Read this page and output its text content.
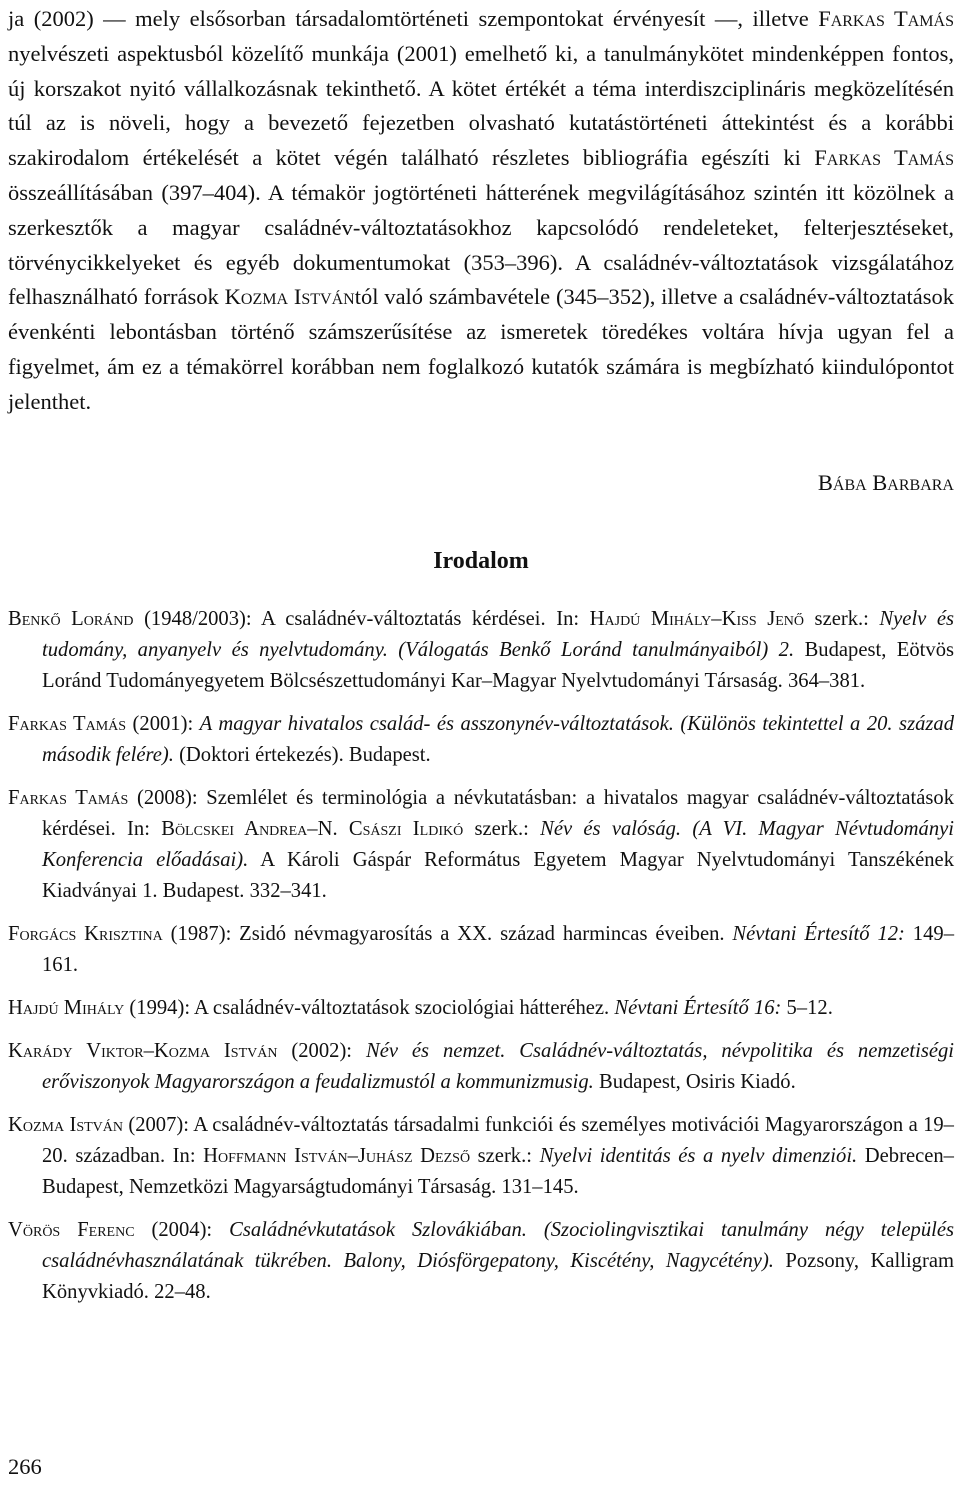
ja (2002) — mely elsősorban társadalomtörténeti szempontokat érvényesít —, illetve Farkas Tamás nyelvészeti aspektusból közelítő munkája (2001) emelhető ki, a tanulmánykötet mindenképpen fontos, új korszakot nyitó vállalkozásnak tekinthető. A kötet értékét a téma interdiszciplináris megközelítésén túl az is növeli, hogy a bevezető fejezetben olvasható kutatástörténeti áttekintést és a korábbi szakirodalom értékelését a kötet végén található részletes bibliográfia egészíti ki Farkas Tamás összeállításában (397–404). A témakör jogtörténeti hátterének megvilágításához szintén itt közölnek a szerkesztők a magyar családnév-változtatásokhoz kapcsolódó rendeleteket, felterjesztéseket, törvénycikkelyeket és egyéb dokumentumokat (353–396). A családnév-változtatások vizsgálatához felhasználható források Kozma Istvántól való számbavétele (345–352), illetve a családnév-változtatások évenkénti lebontásban történő számszerűsítése az ismeretek töredékes voltára hívja ugyan fel a figyelmet, ám ez a témakörrel korábban nem foglalkozó kutatók számára is megbízható kiindulópontot jelenthet.

Bába Barbara

Irodalom
Benkő Loránd (1948/2003): A családnév-változtatás kérdései. In: Hajdú Mihály–Kiss Jenő szerk.: Nyelv és tudomány, anyanyelv és nyelvtudomány. (Válogatás Benkő Loránd tanulmányaiból) 2. Budapest, Eötvös Loránd Tudományegyetem Bölcsészettudományi Kar–Magyar Nyelvtudományi Társaság. 364–381.
Farkas Tamás (2001): A magyar hivatalos család- és asszonynév-változtatások. (Különös tekintettel a 20. század második felére). (Doktori értekezés). Budapest.
Farkas Tamás (2008): Szemlélet és terminológia a névkutatásban: a hivatalos magyar családnév-változtatások kérdései. In: Bölcskei Andrea–N. Császi Ildikó szerk.: Név és valóság. (A VI. Magyar Névtudományi Konferencia előadásai). A Károli Gáspár Református Egyetem Magyar Nyelvtudományi Tanszékének Kiadványai 1. Budapest. 332–341.
Forgács Krisztina (1987): Zsidó névmagyarosítás a XX. század harmincas éveiben. Névtani Értesítő 12: 149–161.
Hajdú Mihály (1994): A családnév-változtatások szociológiai hátteréhez. Névtani Értesítő 16: 5–12.
Karády Viktor–Kozma István (2002): Név és nemzet. Családnév-változtatás, névpolitika és nemzetiségi erőviszonyok Magyarországon a feudalizmustól a kommunizmusig. Budapest, Osiris Kiadó.
Kozma István (2007): A családnév-változtatás társadalmi funkciói és személyes motivációi Magyarországon a 19–20. században. In: Hoffmann István–Juhász Dezső szerk.: Nyelvi identitás és a nyelv dimenziói. Debrecen–Budapest, Nemzetközi Magyarságtudományi Társaság. 131–145.
Vörös Ferenc (2004): Családnévkutatások Szlovákiában. (Szociolingvisztikai tanulmány négy település családnévhasználatának tükrében. Balony, Diósförgepatony, Kiscétény, Nagycétény). Pozsony, Kalligram Könyvkiadó. 22–48.
266
